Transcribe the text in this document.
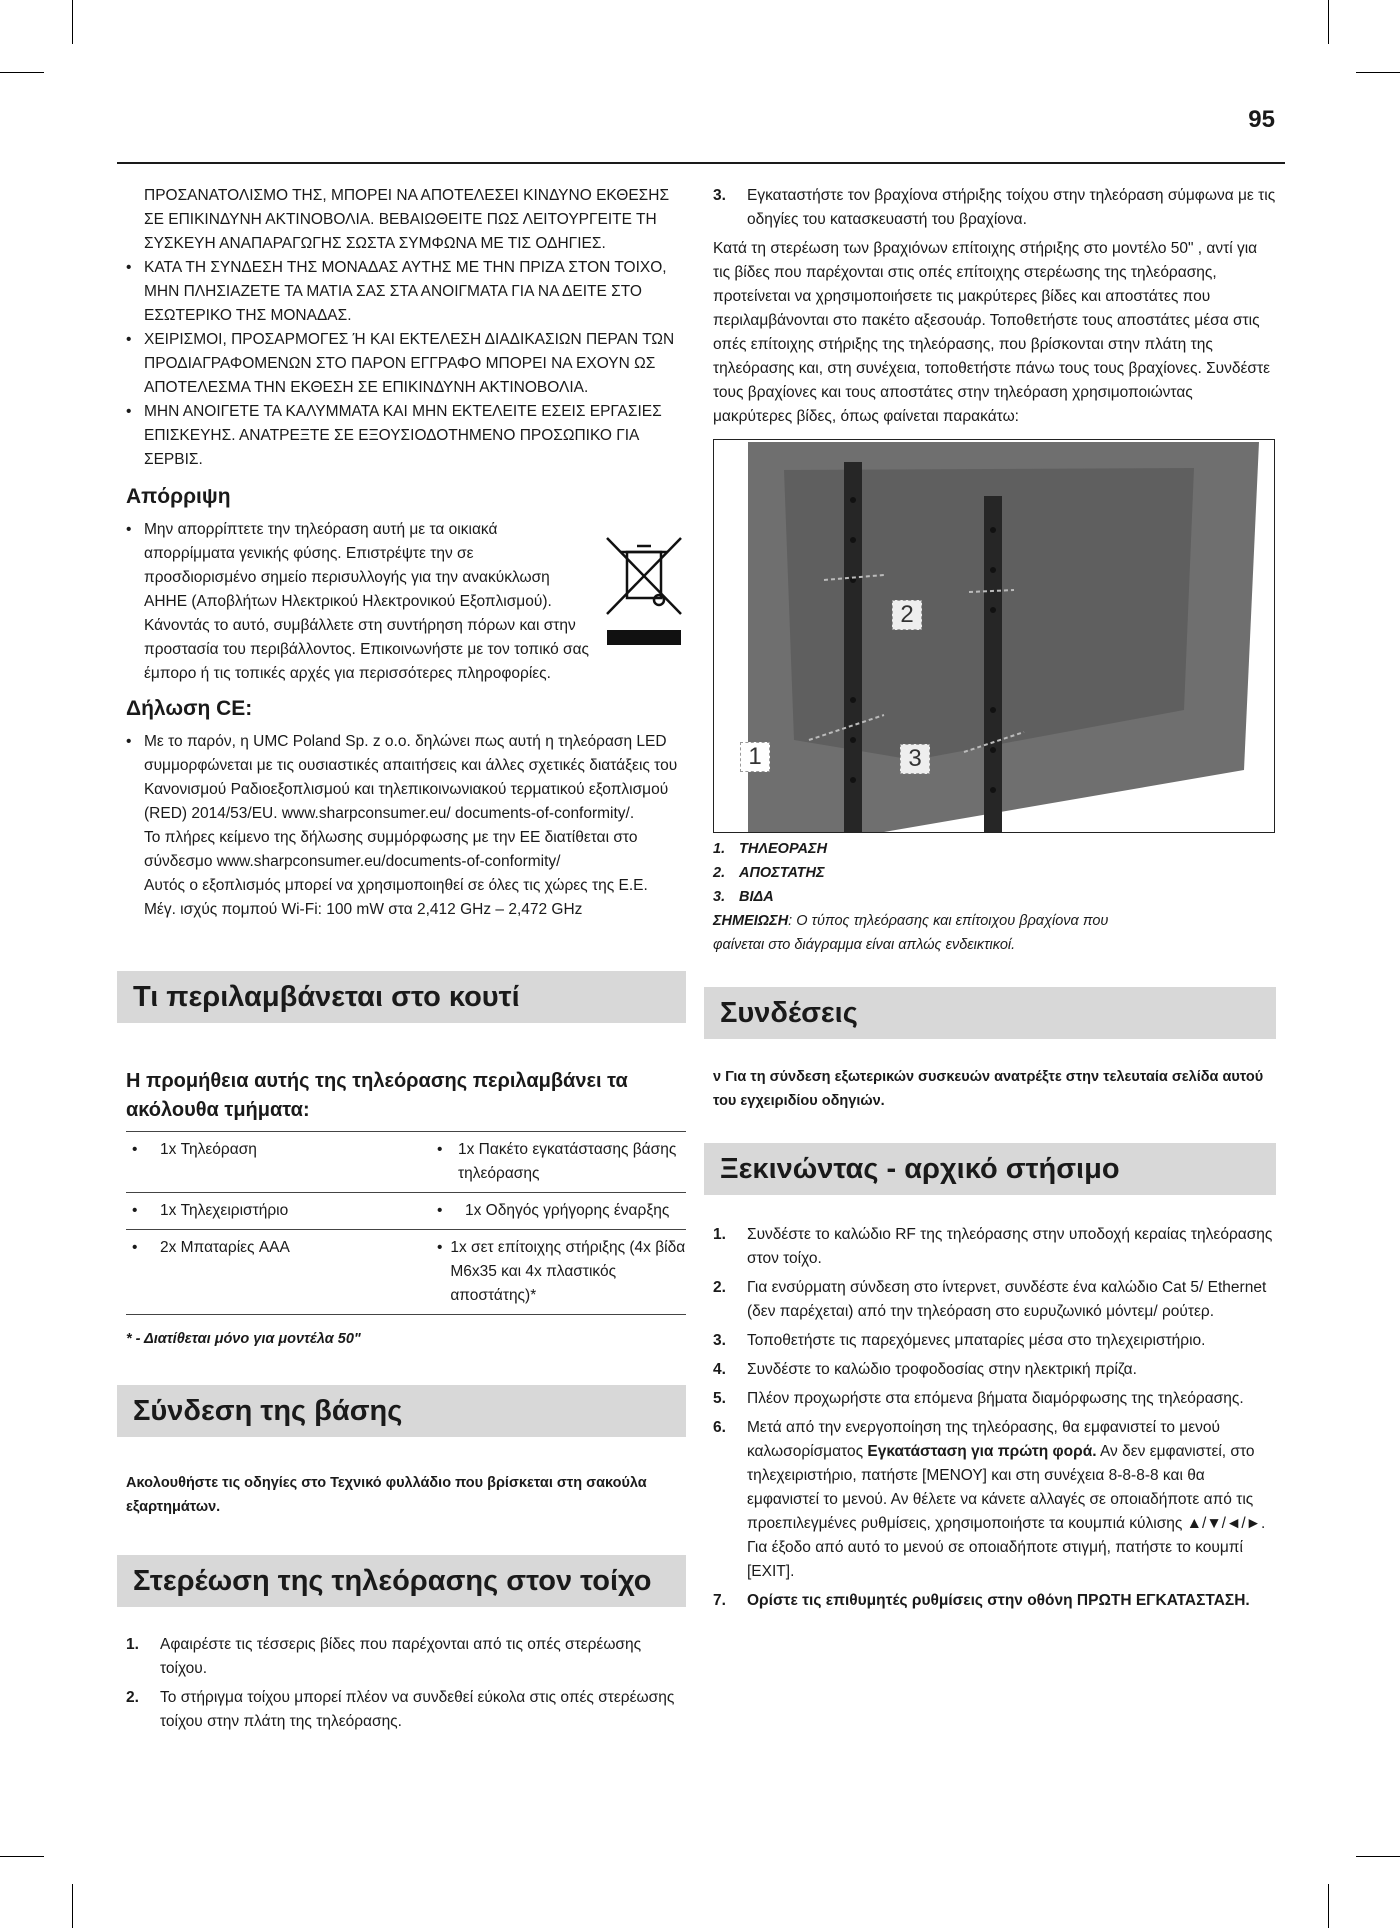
95

ΠΡΟΣΑΝΑΤΟΛΙΣΜΟ ΤΗΣ, ΜΠΟΡΕΙ ΝΑ ΑΠΟΤΕΛΕΣΕΙ ΚΙΝΔΥΝΟ ΕΚΘΕΣΗΣ ΣΕ ΕΠΙΚΙΝΔΥΝΗ ΑΚΤΙΝΟΒΟΛΙΑ. ΒΕΒΑΙΩΘΕΙΤΕ ΠΩΣ ΛΕΙΤΟΥΡΓΕΙΤΕ ΤΗ ΣΥΣΚΕΥΗ ΑΝΑΠΑΡΑΓΩΓΗΣ ΣΩΣΤΑ ΣΥΜΦΩΝΑ ΜΕ ΤΙΣ ΟΔΗΓΙΕΣ.

• ΚΑΤΑ ΤΗ ΣΥΝΔΕΣΗ ΤΗΣ ΜΟΝΑΔΑΣ ΑΥΤΗΣ ΜΕ ΤΗΝ ΠΡΙΖΑ ΣΤΟΝ ΤΟΙΧΟ, ΜΗΝ ΠΛΗΣΙΑΖΕΤΕ ΤΑ ΜΑΤΙΑ ΣΑΣ ΣΤΑ ΑΝΟΙΓΜΑΤΑ ΓΙΑ ΝΑ ΔΕΙΤΕ ΣΤΟ ΕΣΩΤΕΡΙΚΟ ΤΗΣ ΜΟΝΑΔΑΣ.
• ΧΕΙΡΙΣΜΟΙ, ΠΡΟΣΑΡΜΟΓΕΣ Ή ΚΑΙ ΕΚΤΕΛΕΣΗ ΔΙΑΔΙΚΑΣΙΩΝ ΠΕΡΑΝ ΤΩΝ ΠΡΟΔΙΑΓΡΑΦΟΜΕΝΩΝ ΣΤΟ ΠΑΡΟΝ ΕΓΓΡΑΦΟ ΜΠΟΡΕΙ ΝΑ ΕΧΟΥΝ ΩΣ ΑΠΟΤΕΛΕΣΜΑ ΤΗΝ ΕΚΘΕΣΗ ΣΕ ΕΠΙΚΙΝΔΥΝΗ ΑΚΤΙΝΟΒΟΛΙΑ.
• ΜΗΝ ΑΝΟΙΓΕΤΕ ΤΑ ΚΑΛΥΜΜΑΤΑ ΚΑΙ ΜΗΝ ΕΚΤΕΛΕΙΤΕ ΕΣΕΙΣ ΕΡΓΑΣΙΕΣ ΕΠΙΣΚΕΥΗΣ. ΑΝΑΤΡΕΞΤΕ ΣΕ ΕΞΟΥΣΙΟΔΟΤΗΜΕΝΟ ΠΡΟΣΩΠΙΚΟ ΓΙΑ ΣΕΡΒΙΣ.
Απόρριψη
• Μην απορρίπτετε την τηλεόραση αυτή με τα οικιακά απορρίμματα γενικής φύσης. Επιστρέψτε την σε προσδιορισμένο σημείο περισυλλογής για την ανακύκλωση ΑΗΗΕ (Αποβλήτων Ηλεκτρικού Ηλεκτρονικού Εξοπλισμού). Κάνοντάς το αυτό, συμβάλλετε στη συντήρηση πόρων και στην προστασία του περιβάλλοντος. Επικοινωνήστε με τον τοπικό σας έμπορο ή τις τοπικές αρχές για περισσότερες πληροφορίες.
Δήλωση CE:
• Με το παρόν, η UMC Poland Sp. z o.o. δηλώνει πως αυτή η τηλεόραση LED συμμορφώνεται με τις ουσιαστικές απαιτήσεις και άλλες σχετικές διατάξεις του Κανονισμού Ραδιοεξοπλισμού και τηλεπικοινωνιακού τερματικού εξοπλισμού (RED) 2014/53/EU. www.sharpconsumer.eu/ documents-of-conformity/.

Το πλήρες κείμενο της δήλωσης συμμόρφωσης με την ΕΕ διατίθεται στο σύνδεσμο www.sharpconsumer.eu/documents-of-conformity/

Αυτός ο εξοπλισμός μπορεί να χρησιμοποιηθεί σε όλες τις χώρες της Ε.Ε.

Μέγ. ισχύς πομπού Wi-Fi: 100 mW στα 2,412 GHz – 2,472 GHz

Τι περιλαμβάνεται στο κουτί
Η προμήθεια αυτής της τηλεόρασης περιλαμβάνει τα ακόλουθα τμήματα:
• 1x Τηλεόραση	• 1x Πακέτο εγκατάστασης βάσης τηλεόρασης

• 1x Τηλεχειριστήριο	• 1x Οδηγός γρήγορης έναρξης

• 2x Μπαταρίες AAA	• 1x σετ επίτοιχης στήριξης (4x βίδα M6x35 και 4x πλαστικός αποστάτης)*

* - Διατίθεται μόνο για μοντέλα 50"

Σύνδεση της βάσης

Ακολουθήστε τις οδηγίες στο Τεχνικό φυλλάδιο που βρίσκεται στη σακούλα εξαρτημάτων.

Στερέωση της τηλεόρασης στον τοίχο
1. Αφαιρέστε τις τέσσερις βίδες που παρέχονται από τις οπές στερέωσης τοίχου.
2. Το στήριγμα τοίχου μπορεί πλέον να συνδεθεί εύκολα στις οπές στερέωσης τοίχου στην πλάτη της τηλεόρασης.
3. Εγκαταστήστε τον βραχίονα στήριξης τοίχου στην τηλεόραση σύμφωνα με τις οδηγίες του κατασκευαστή του βραχίονα.

Κατά τη στερέωση των βραχιόνων επίτοιχης στήριξης στο μοντέλο 50" , αντί για τις βίδες που παρέχονται στις οπές επίτοιχης στερέωσης της τηλεόρασης, προτείνεται να χρησιμοποιήσετε τις μακρύτερες βίδες και αποστάτες που περιλαμβάνονται στο πακέτο αξεσουάρ. Τοποθετήστε τους αποστάτες μέσα στις οπές επίτοιχης στήριξης της τηλεόρασης, που βρίσκονται στην πλάτη της τηλεόρασης και, στη συνέχεια, τοποθετήστε πάνω τους τους βραχίονες. Συνδέστε τους βραχίονες και τους αποστάτες στην τηλεόραση χρησιμοποιώντας μακρύτερες βίδες, όπως φαίνεται παρακάτω:

1
2
3
1. ΤΗΛΕΟΡΑΣΗ
2. ΑΠΟΣΤΑΤΗΣ
3. ΒΙΔΑ

ΣΗΜΕΙΩΣΗ: Ο τύπος τηλεόρασης και επίτοιχου βραχίονα που φαίνεται στο διάγραμμα είναι απλώς ενδεικτικοί.

Συνδέσεις

ν Για τη σύνδεση εξωτερικών συσκευών ανατρέξτε στην τελευταία σελίδα αυτού του εγχειριδίου οδηγιών.

Ξεκινώντας - αρχικό στήσιμο
1. Συνδέστε το καλώδιο RF της τηλεόρασης στην υποδοχή κεραίας τηλεόρασης στον τοίχο.
2. Για ενσύρματη σύνδεση στο ίντερνετ, συνδέστε ένα καλώδιο Cat 5/ Ethernet (δεν παρέχεται) από την τηλεόραση στο ευρυζωνικό μόντεμ/ ρούτερ.
3. Τοποθετήστε τις παρεχόμενες μπαταρίες μέσα στο τηλεχειριστήριο.
4. Συνδέστε το καλώδιο τροφοδοσίας στην ηλεκτρική πρίζα.
5. Πλέον προχωρήστε στα επόμενα βήματα διαμόρφωσης της τηλεόρασης.
6. Μετά από την ενεργοποίηση της τηλεόρασης, θα εμφανιστεί το μενού καλωσορίσματος Εγκατάσταση για πρώτη φορά. Αν δεν εμφανιστεί, στο τηλεχειριστήριο, πατήστε [ΜΕΝΟΥ] και στη συνέχεια 8-8-8-8 και θα εμφανιστεί το μενού. Αν θέλετε να κάνετε αλλαγές σε οποιαδήποτε από τις προεπιλεγμένες ρυθμίσεις, χρησιμοποιήστε τα κουμπιά κύλισης ▲/▼/◄/►. Για έξοδο από αυτό το μενού σε οποιαδήποτε στιγμή, πατήστε το κουμπί [EXIT].
7. Ορίστε τις επιθυμητές ρυθμίσεις στην οθόνη ΠΡΩΤΗ ΕΓΚΑΤΑΣΤΑΣΗ.
